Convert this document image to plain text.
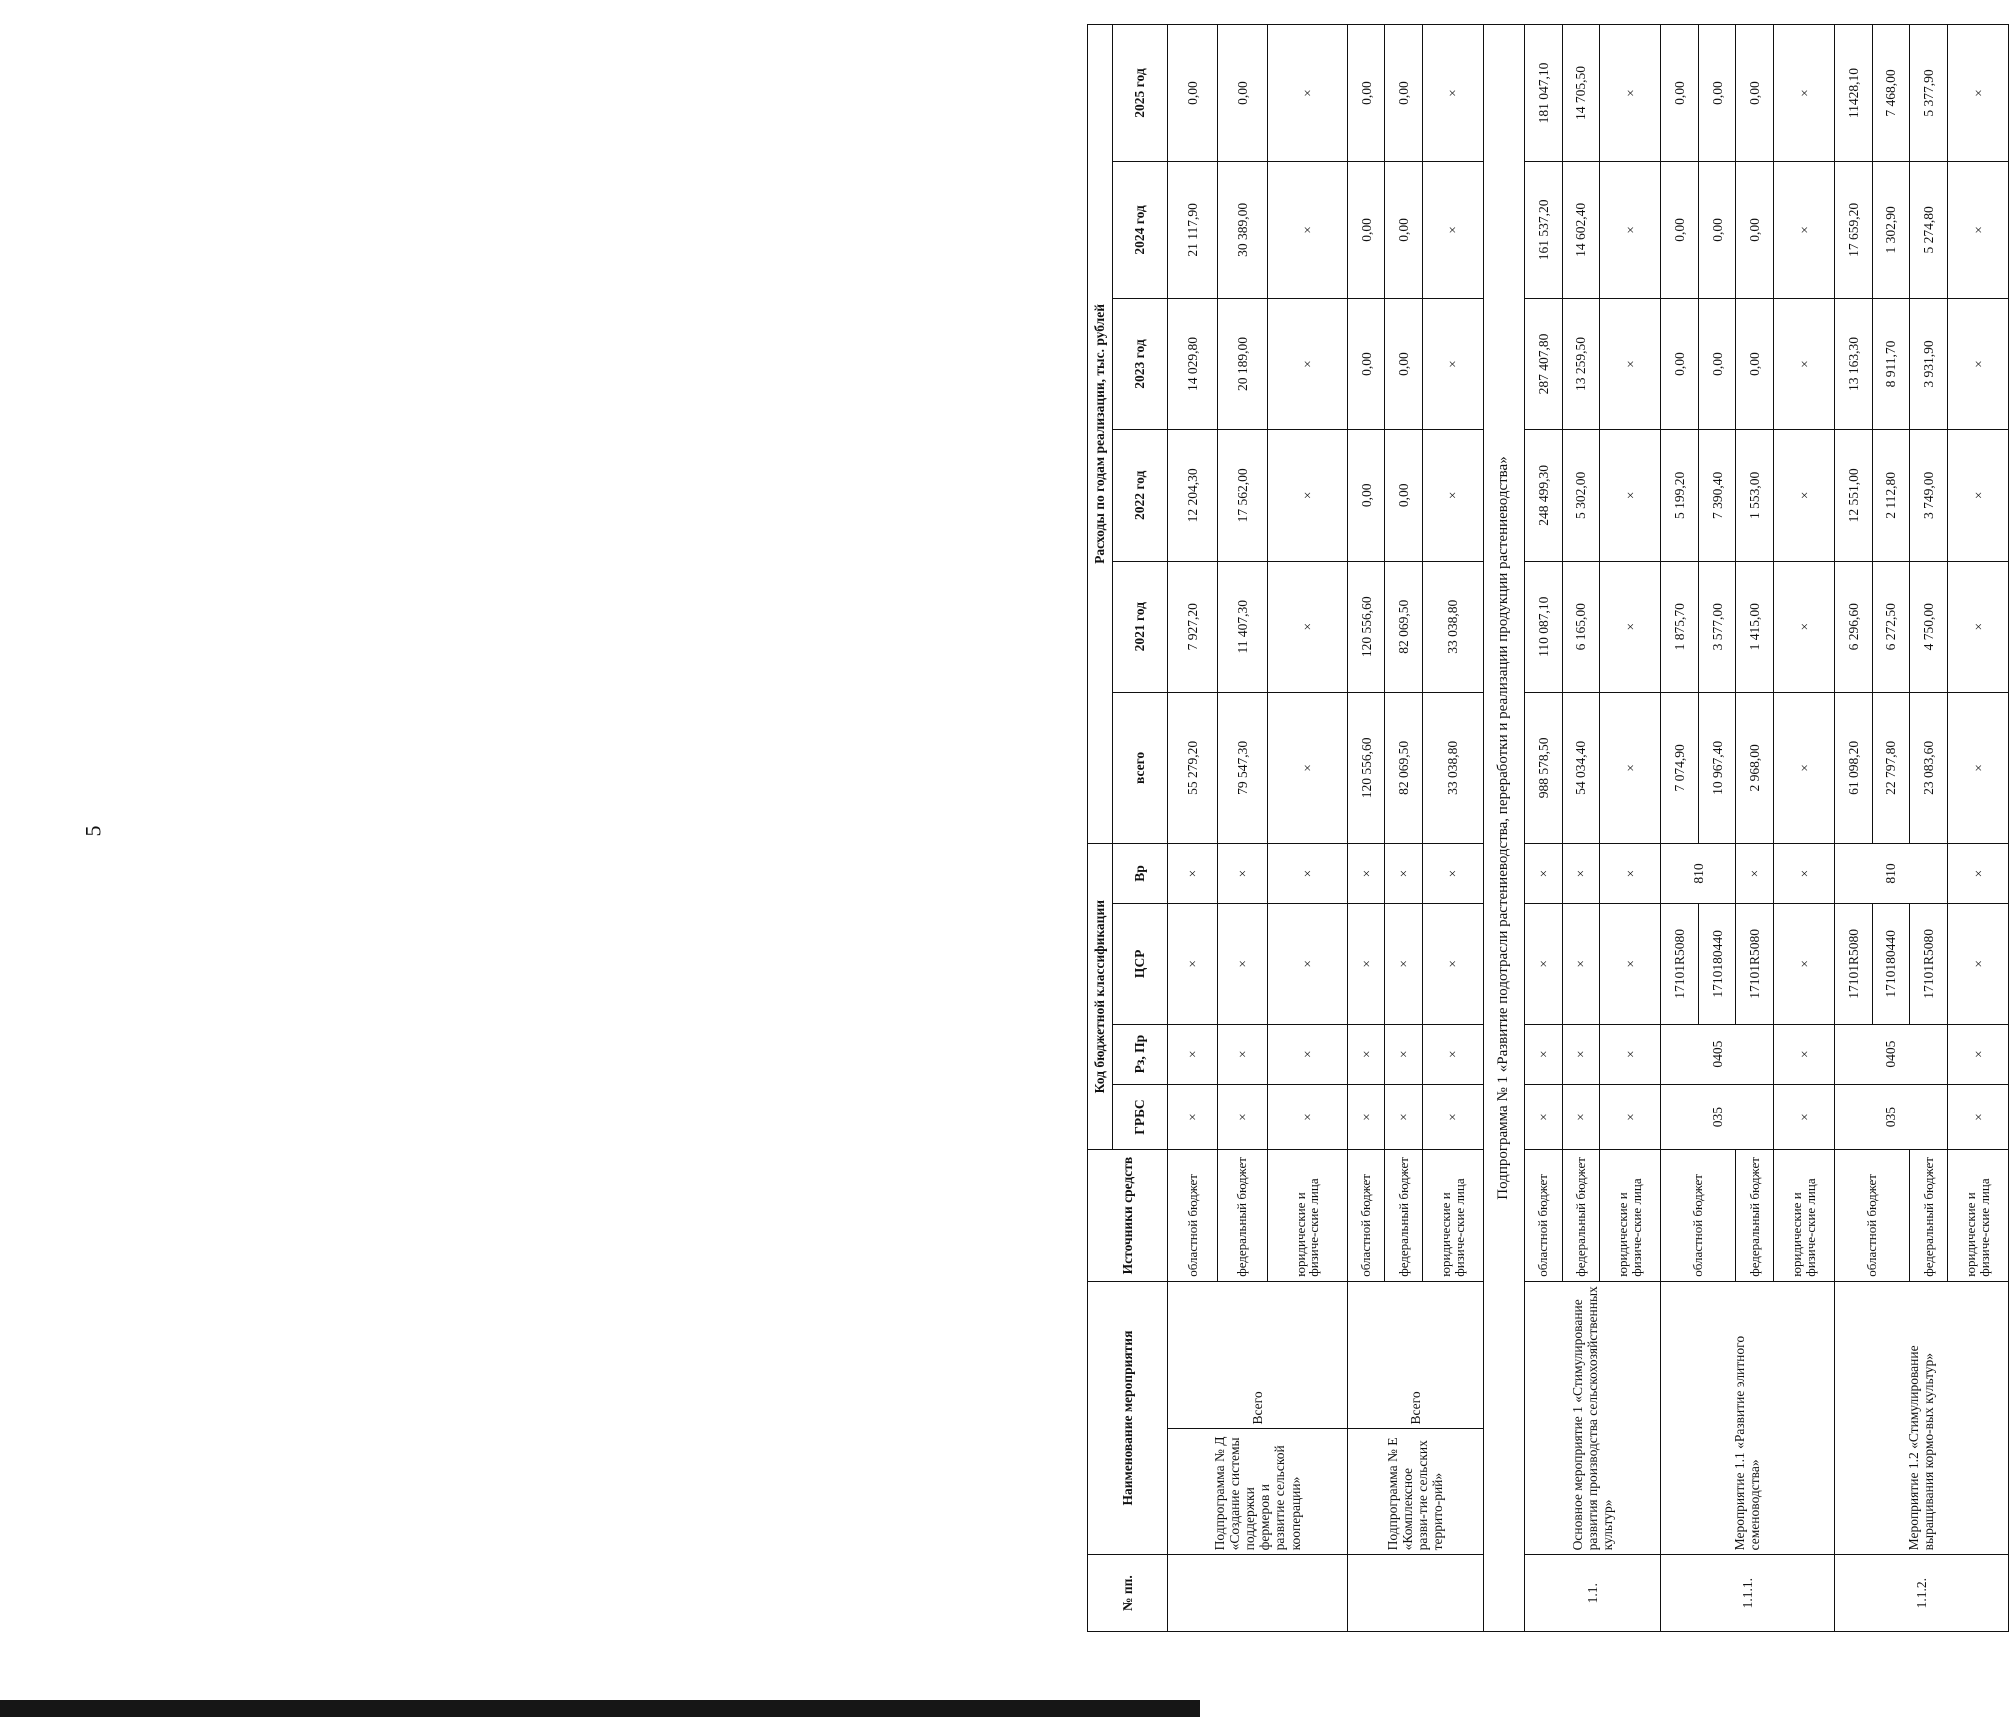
5
№ пп.	Наименование мероприятия		Источники средств	Код бюджетной классификации				Расходы по годам реализации, тыс. рублей					
				ГРБС	Рз, Пр	ЦСР	Вр	всего	2021 год	2022 год	2023 год	2024 год	2025 год
	Подпрограмма № Д «Создание системы поддержки фермеров и развитие сельской кооперации»	Всего	областной бюджет	×	×	×	×	55 279,20	7 927,20	12 204,30	14 029,80	21 117,90	0,00
			федеральный бюджет	×	×	×	×	79 547,30	11 407,30	17 562,00	20 189,00	30 389,00	0,00
			юридические и физиче-ские лица	×	×	×	×	×	×	×	×	×	×
	Подпрограмма № Е «Комплексное разви-тие сельских террито-рий»	Всего	областной бюджет	×	×	×	×	120 556,60	120 556,60	0,00	0,00	0,00	0,00
			федеральный бюджет	×	×	×	×	82 069,50	82 069,50	0,00	0,00	0,00	0,00
			юридические и физиче-ские лица	×	×	×	×	33 038,80	33 038,80	×	×	×	×
Подпрограмма № 1 «Развитие подотрасли растениеводства, переработки и реализации продукции растениеводства»													
1.1.	Основное мероприятие 1 «Стимулирование развития производства сельскохозяйственных культур»		областной бюджет	×	×	×	×	988 578,50	110 087,10	248 499,30	287 407,80	161 537,20	181 047,10
			федеральный бюджет	×	×	×	×	54 034,40	6 165,00	5 302,00	13 259,50	14 602,40	14 705,50
			юридические и физиче-ские лица	×	×	×	×	×	×	×	×	×	×
1.1.1.	Мероприятие 1.1 «Развитие элитного семеноводства»		областной бюджет	035	0405	17101R5080	810	7 074,90	1 875,70	5 199,20	0,00	0,00	0,00
						1710180440		10 967,40	3 577,00	7 390,40	0,00	0,00	0,00
			федеральный бюджет			17101R5080	×	2 968,00	1 415,00	1 553,00	0,00	0,00	0,00
			юридические и физиче-ские лица	×	×	×	×	×	×	×	×	×	×
1.1.2.	Мероприятие 1.2 «Стимулирование выращивания кормо-вых культур»		областной бюджет	035	0405	17101R5080	810	61 098,20	6 296,60	12 551,00	13 163,30	17 659,20	11428,10
						1710180440		22 797,80	6 272,50	2 112,80	8 911,70	1 302,90	7 468,00
			федеральный бюджет			17101R5080		23 083,60	4 750,00	3 749,00	3 931,90	5 274,80	5 377,90
			юридические и физиче-ские лица	×	×	×	×	×	×	×	×	×	×
